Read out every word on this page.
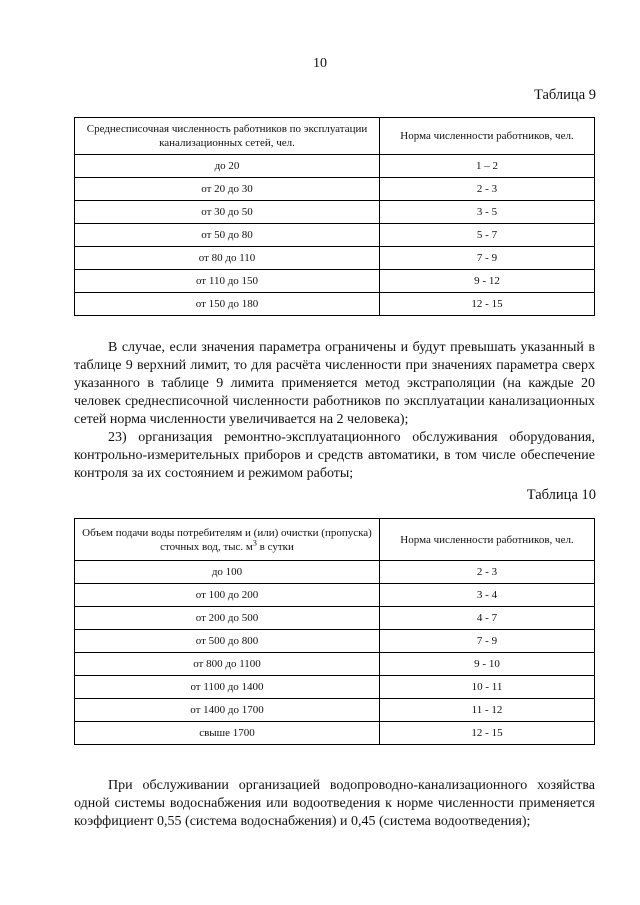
10
Таблица 9
Среднесписочная численность работников по эксплуатации канализационных сетей, чел.	Норма численности работников, чел.
до 20	1 – 2
от 20 до 30	2 - 3
от 30 до 50	3 - 5
от 50 до 80	5 - 7
от 80 до 110	7 - 9
от 110 до 150	9 - 12
от 150 до 180	12 - 15

В случае, если значения параметра ограничены и будут превышать указанный в таблице 9 верхний лимит, то для расчёта численности при значениях параметра сверх указанного в таблице 9 лимита применяется метод экстраполяции (на каждые 20 человек среднесписочной численности работников по эксплуатации канализационных сетей норма численности увеличивается на 2 человека);

23) организация ремонтно-эксплуатационного обслуживания оборудования, контрольно-измерительных приборов и средств автоматики, в том числе обеспечение контроля за их состоянием и режимом работы;

Таблица 10
Объем подачи воды потребителям и (или) очистки (пропуска) сточных вод, тыс. $м^3$ в сутки	Норма численности работников, чел.
до 100	2 - 3
от 100 до 200	3 - 4
от 200 до 500	4 - 7
от 500 до 800	7 - 9
от 800 до 1100	9 - 10
от 1100 до 1400	10 - 11
от 1400 до 1700	11 - 12
свыше 1700	12 - 15

При обслуживании организацией водопроводно-канализационного хозяйства одной системы водоснабжения или водоотведения к норме численности применяется коэффициент 0,55 (система водоснабжения) и 0,45 (система водоотведения);
